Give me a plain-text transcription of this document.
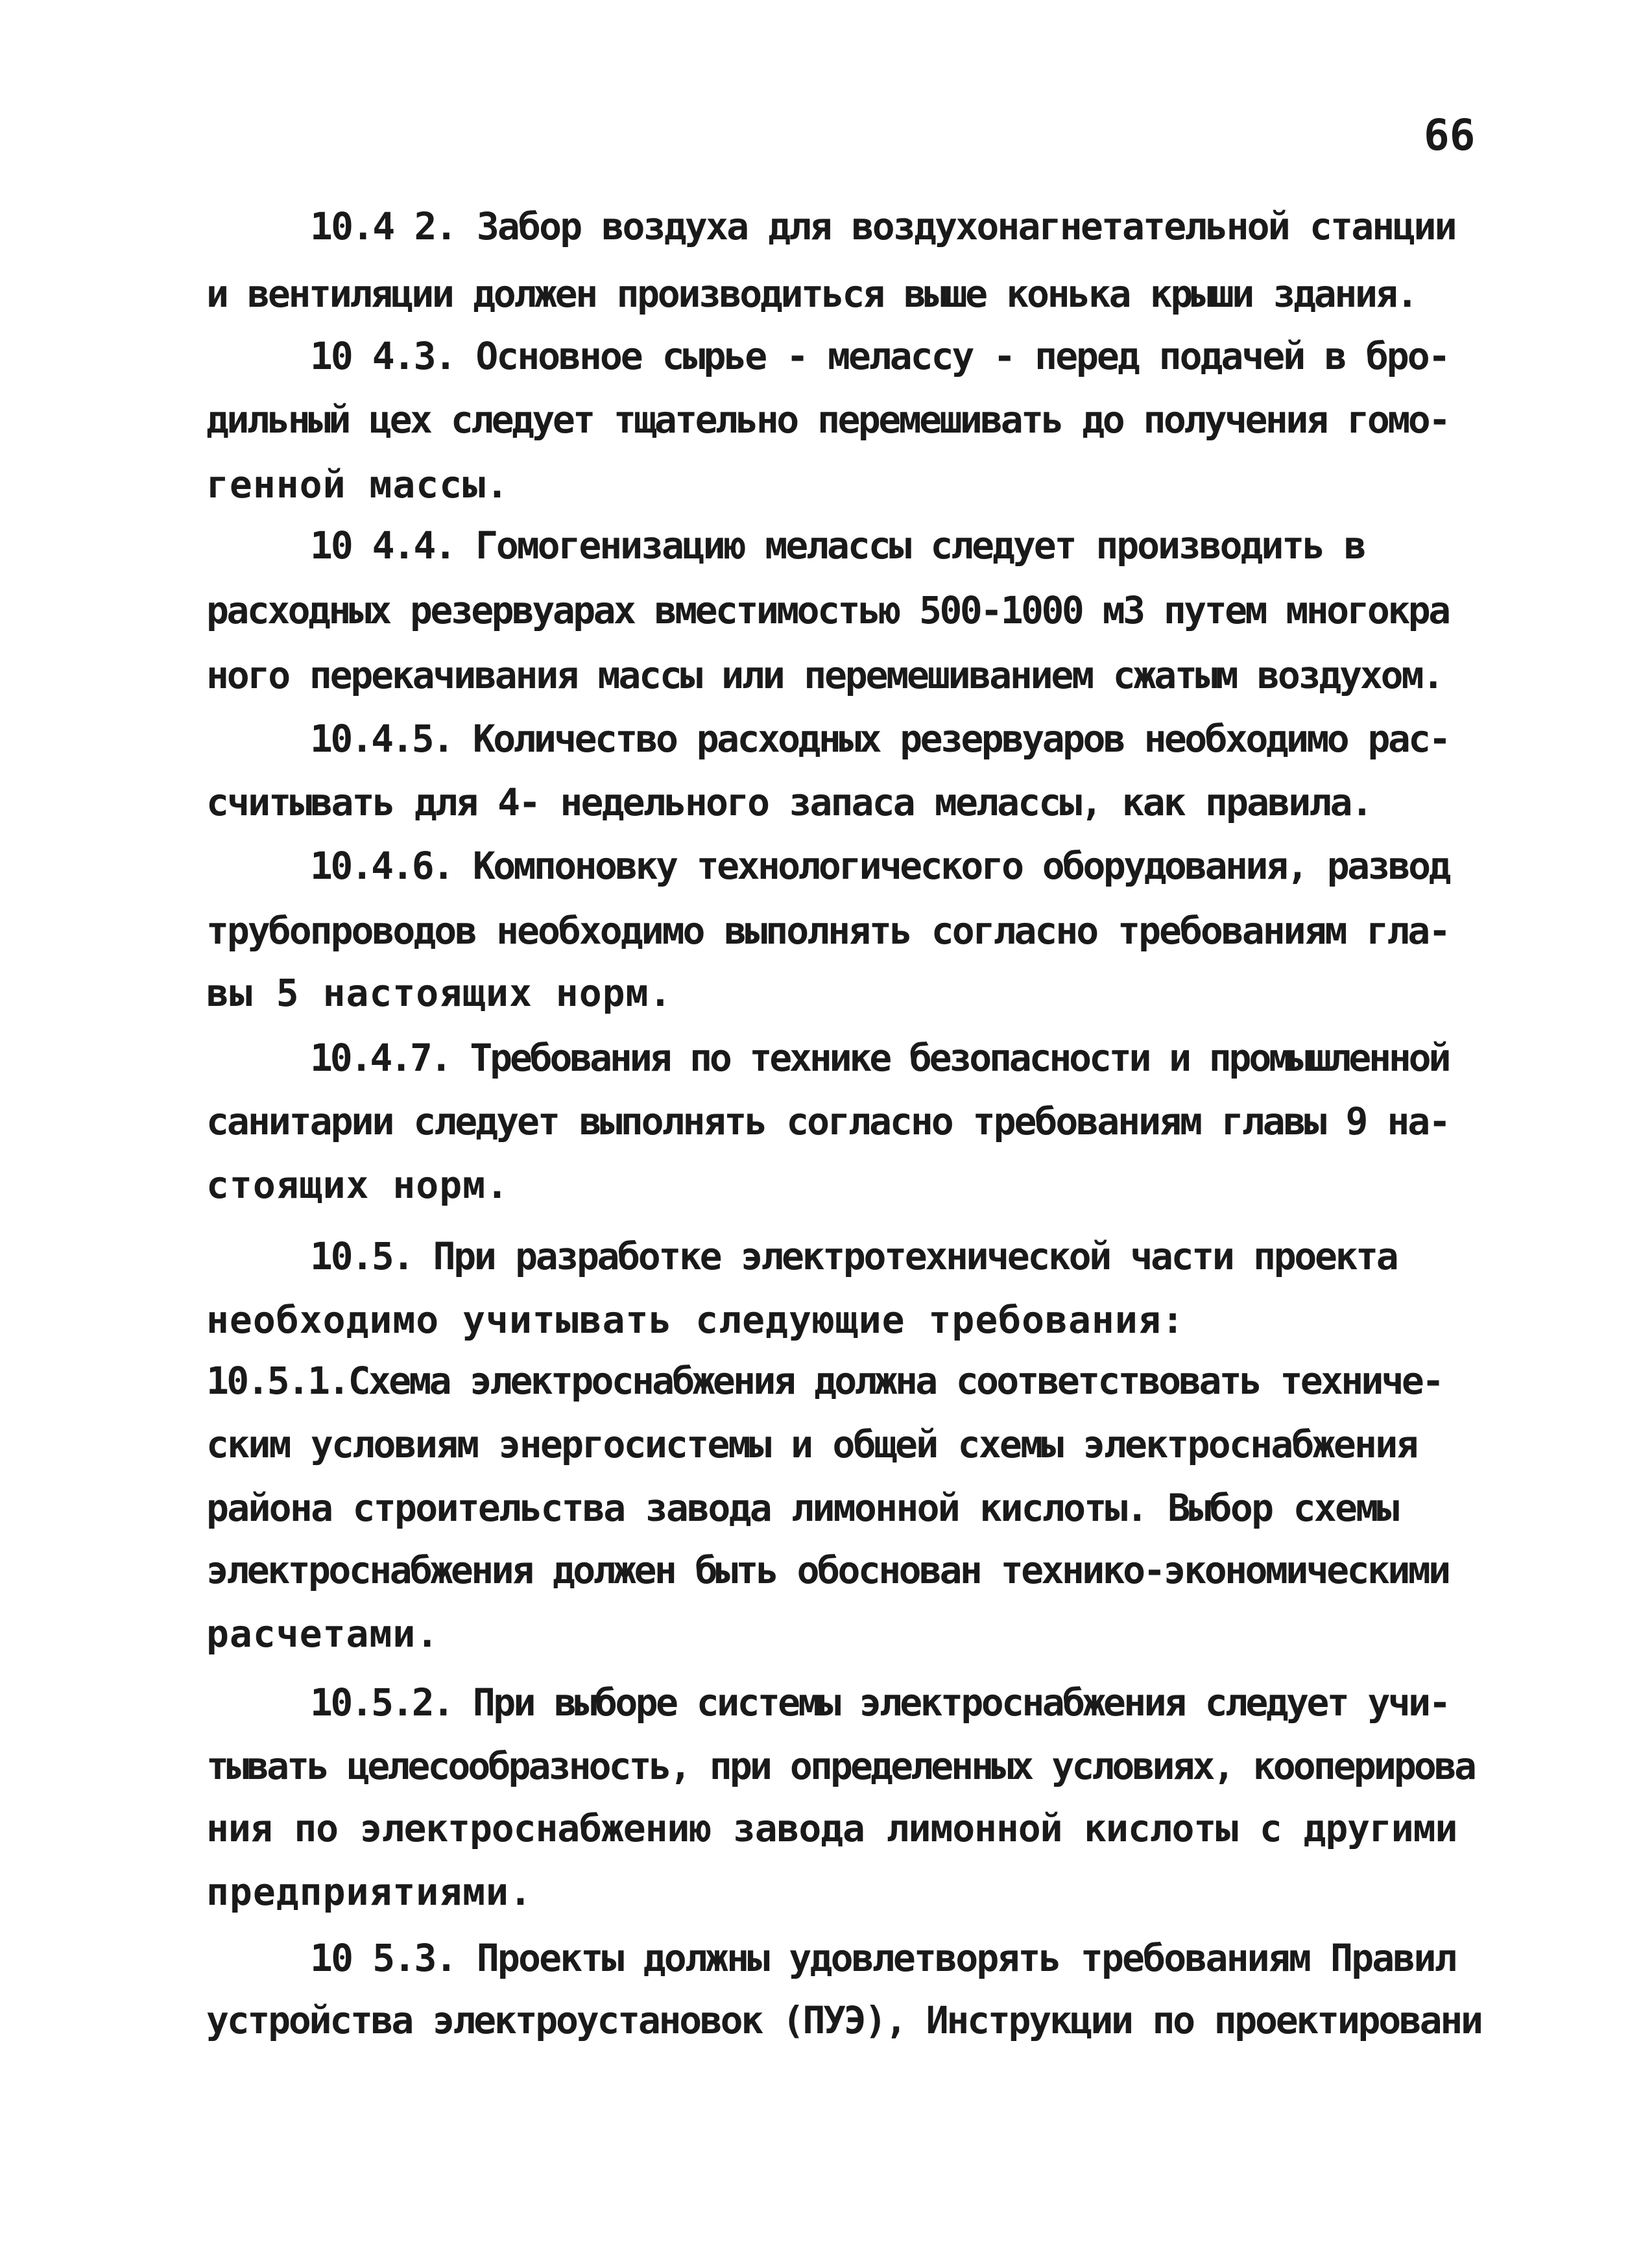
66
10.4 2. Забор воздуха для воздухонагнетательной станции
и вентиляции должен производиться выше конька крыши здания.
10 4.3. Основное сырье - мелассу - перед подачей в бро-
дильный цех следует тщательно перемешивать до получения гомо-
генной массы.
10 4.4. Гомогенизацию мелассы следует производить в
расходных резервуарах вместимостью 500-1000 м3 путем многокра
ного перекачивания массы или перемешиванием сжатым воздухом.
10.4.5. Количество расходных резервуаров необходимо рас-
считывать для 4- недельного запаса мелассы, как правила.
10.4.6. Компоновку технологического оборудования, развод
трубопроводов необходимо выполнять согласно требованиям гла-
вы 5 настоящих норм.
10.4.7. Требования по технике безопасности и промышленной
санитарии следует выполнять согласно требованиям главы 9 на-
стоящих норм.
10.5. При разработке электротехнической части проекта
необходимо учитывать следующие требования:
10.5.1.Схема электроснабжения должна соответствовать техниче-
ским условиям энергосистемы и общей схемы электроснабжения
района строительства завода лимонной кислоты. Выбор схемы
электроснабжения должен быть обоснован технико-экономическими
расчетами.
10.5.2. При выборе системы электроснабжения следует учи-
тывать целесообразность, при определенных условиях, кооперирова
ния по электроснабжению завода лимонной кислоты с другими
предприятиями.
10 5.3. Проекты должны удовлетворять требованиям Правил
устройства электроустановок (ПУЭ), Инструкции по проектировани
